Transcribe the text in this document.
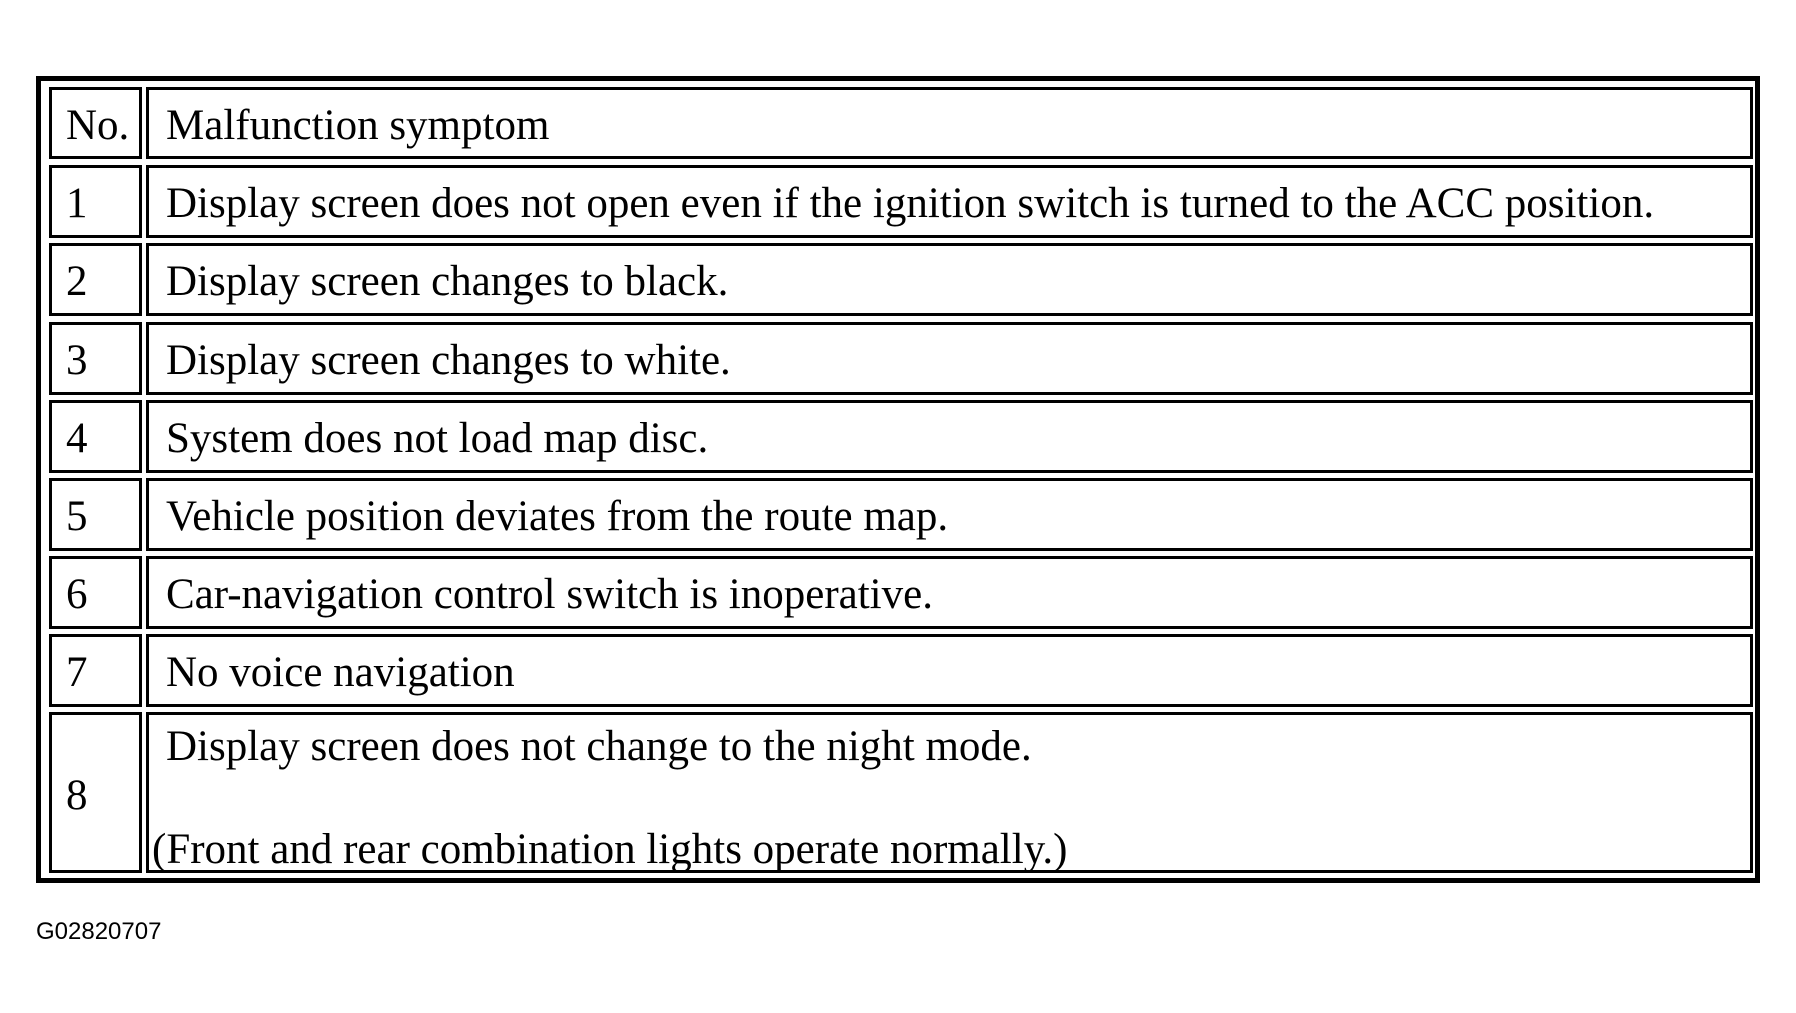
No. Malfunction symptom
1 Display screen does not open even if the ignition switch is turned to the ACC position.
2 Display screen changes to black.
3 Display screen changes to white.
4 System does not load map disc.
5 Vehicle position deviates from the route map.
6 Car-navigation control switch is inoperative.
7 No voice navigation
8
Display screen does not change to the night mode.
(Front and rear combination lights operate normally.)
G02820707
